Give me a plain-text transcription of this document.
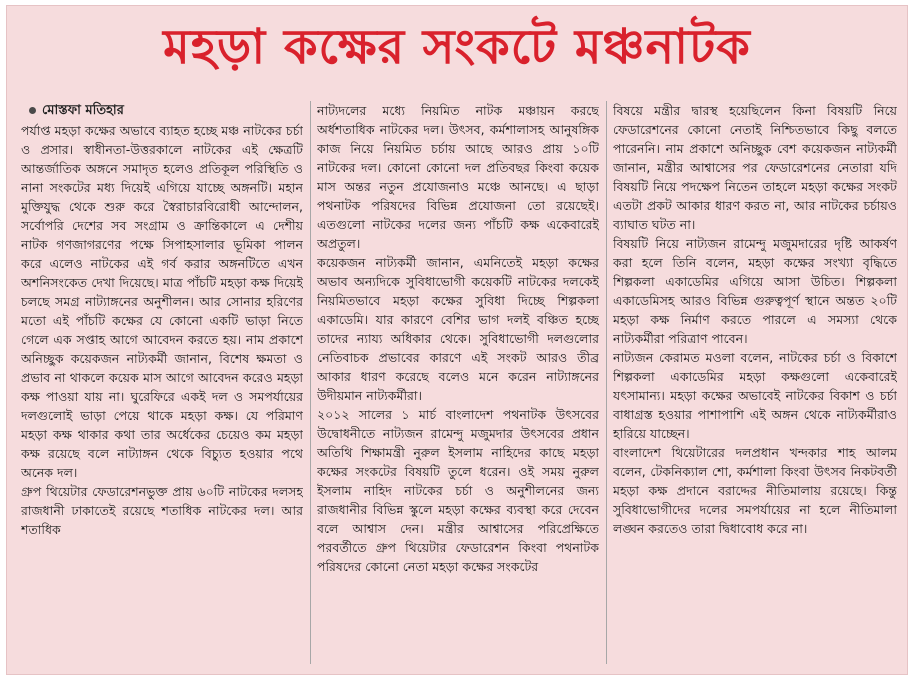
মহড়া কক্ষের সংকটে মঞ্চনাটক
মোস্তফা মতিহার

পর্যাপ্ত মহড়া কক্ষের অভাবে ব্যাহত হচ্ছে মঞ্চ নাটকের চর্চা ও প্রসার। স্বাধীনতা-উত্তরকালে নাটকের এই ক্ষেত্রটি আন্তর্জাতিক অঙ্গনে সমাদৃত হলেও প্রতিকূল পরিস্থিতি ও নানা সংকটের মধ্য দিয়েই এগিয়ে যাচ্ছে অঙ্গনটি। মহান মুক্তিযুদ্ধ থেকে শুরু করে স্বৈরাচারবিরোধী আন্দোলন, সর্বোপরি দেশের সব সংগ্রাম ও ক্রান্তিকালে এ দেশীয় নাটক গণজাগরণের পক্ষে সিপাহসালার ভূমিকা পালন করে এলেও নাটকের এই গর্ব করার অঙ্গনটিতে এখন অশনিসংকেত দেখা দিয়েছে। মাত্র পাঁচটি মহড়া কক্ষ দিয়েই চলছে সমগ্র নাট্যাঙ্গনের অনুশীলন। আর সোনার হরিণের মতো এই পাঁচটি কক্ষের যে কোনো একটি ভাড়া নিতে গেলে এক সপ্তাহ আগে আবেদন করতে হয়। নাম প্রকাশে অনিচ্ছুক কয়েকজন নাট্যকর্মী জানান, বিশেষ ক্ষমতা ও প্রভাব না থাকলে কয়েক মাস আগে আবেদন করেও মহড়া কক্ষ পাওয়া যায় না। ঘুরেফিরে একই দল ও সমপর্যায়ের দলগুলোই ভাড়া পেয়ে থাকে মহড়া কক্ষ। যে পরিমাণ মহড়া কক্ষ থাকার কথা তার অর্ধেকের চেয়েও কম মহড়া কক্ষ রয়েছে বলে নাট্যাঙ্গন থেকে বিচ্যুত হওয়ার পথে অনেক দল।

গ্রুপ থিয়েটার ফেডারেশনভুক্ত প্রায় ৬০টি নাটকের দলসহ রাজধানী ঢাকাতেই রয়েছে শতাধিক নাটকের দল। আর শতাধিক

নাট্যদলের মধ্যে নিয়মিত নাটক মঞ্চায়ন করছে অর্ধশতাধিক নাটকের দল। উৎসব, কর্মশালাসহ আনুষঙ্গিক কাজ নিয়ে নিয়মিত চর্চায় আছে আরও প্রায় ১০টি নাটকের দল। কোনো কোনো দল প্রতিবছর কিংবা কয়েক মাস অন্তর নতুন প্রযোজনাও মঞ্চে আনছে। এ ছাড়া পথনাটক পরিষদের বিভিন্ন প্রযোজনা তো রয়েছেই। এতগুলো নাটকের দলের জন্য পাঁচটি কক্ষ একেবারেই অপ্রতুল।

কয়েকজন নাট্যকর্মী জানান, এমনিতেই মহড়া কক্ষের অভাব অন্যদিকে সুবিধাভোগী কয়েকটি নাটকের দলকেই নিয়মিতভাবে মহড়া কক্ষের সুবিধা দিচ্ছে শিল্পকলা একাডেমি। যার কারণে বেশির ভাগ দলই বঞ্চিত হচ্ছে তাদের ন্যায্য অধিকার থেকে। সুবিধাভোগী দলগুলোর নেতিবাচক প্রভাবের কারণে এই সংকট আরও তীব্র আকার ধারণ করেছে বলেও মনে করেন নাট্যাঙ্গনের উদীয়মান নাট্যকর্মীরা।

২০১২ সালের ১ মার্চ বাংলাদেশ পথনাটক উৎসবের উদ্বোধনীতে নাট্যজন রামেন্দু মজুমদার উৎসবের প্রধান অতিথি শিক্ষামন্ত্রী নুরুল ইসলাম নাহিদের কাছে মহড়া কক্ষের সংকটের বিষয়টি তুলে ধরেন। ওই সময় নুরুল ইসলাম নাহিদ নাটকের চর্চা ও অনুশীলনের জন্য রাজধানীর বিভিন্ন স্কুলে মহড়া কক্ষের ব্যবস্থা করে দেবেন বলে আশ্বাস দেন। মন্ত্রীর আশ্বাসের পরিপ্রেক্ষিতে পরবর্তীতে গ্রুপ থিয়েটার ফেডারেশন কিংবা পথনাটক পরিষদের কোনো নেতা মহড়া কক্ষের সংকটের

বিষয়ে মন্ত্রীর দ্বারস্থ হয়েছিলেন কিনা বিষয়টি নিয়ে ফেডারেশনের কোনো নেতাই নিশ্চিতভাবে কিছু বলতে পারেননি। নাম প্রকাশে অনিচ্ছুক বেশ কয়েকজন নাট্যকর্মী জানান, মন্ত্রীর আশ্বাসের পর ফেডারেশনের নেতারা যদি বিষয়টি নিয়ে পদক্ষেপ নিতেন তাহলে মহড়া কক্ষের সংকট এতটা প্রকট আকার ধারণ করত না, আর নাটকের চর্চায়ও ব্যাঘাত ঘটত না।

বিষয়টি নিয়ে নাট্যজন রামেন্দু মজুমদারের দৃষ্টি আকর্ষণ করা হলে তিনি বলেন, মহড়া কক্ষের সংখ্যা বৃদ্ধিতে শিল্পকলা একাডেমির এগিয়ে আসা উচিত। শিল্পকলা একাডেমিসহ আরও বিভিন্ন গুরুত্বপূর্ণ স্থানে অন্তত ২০টি মহড়া কক্ষ নির্মাণ করতে পারলে এ সমস্যা থেকে নাট্যকর্মীরা পরিত্রাণ পাবেন।

নাট্যজন কেরামত মওলা বলেন, নাটকের চর্চা ও বিকাশে শিল্পকলা একাডেমির মহড়া কক্ষগুলো একেবারেই যৎসামান্য। মহড়া কক্ষের অভাবেই নাটকের বিকাশ ও চর্চা বাধাগ্রস্ত হওয়ার পাশাপাশি এই অঙ্গন থেকে নাট্যকর্মীরাও হারিয়ে যাচ্ছেন।

বাংলাদেশ থিয়েটারের দলপ্রধান খন্দকার শাহ আলম বলেন, টেকনিক্যাল শো, কর্মশালা কিংবা উৎসব নিকটবর্তী মহড়া কক্ষ প্রদানে বরাদ্দের নীতিমালায় রয়েছে। কিন্তু সুবিধাভোগীদের দলের সমপর্যায়ের না হলে নীতিমালা লঙ্ঘন করতেও তারা দ্বিধাবোধ করে না।
